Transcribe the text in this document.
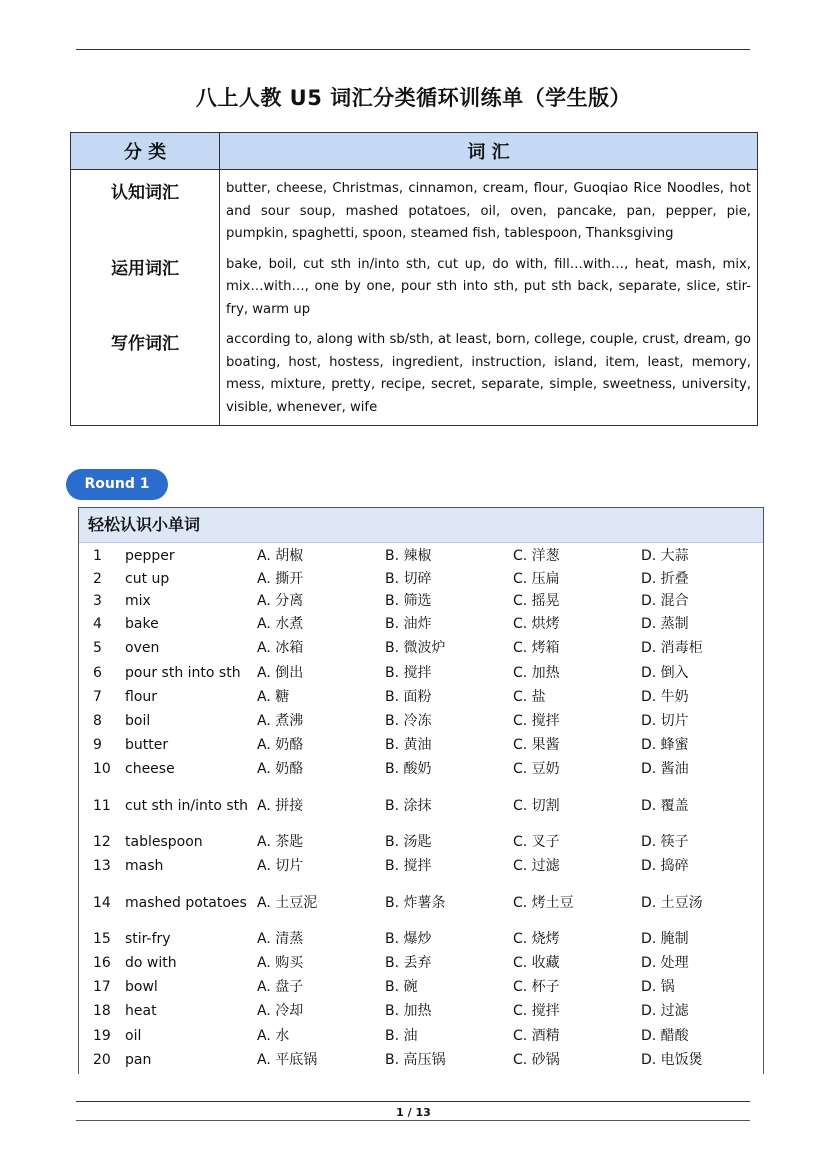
八上人教 U5 词汇分类循环训练单（学生版）
分 类	词 汇
认知词汇	butter, cheese, Christmas, cinnamon, cream, flour, Guoqiao Rice Noodles, hot and sour soup, mashed potatoes, oil, oven, pancake, pan, pepper, pie, pumpkin, spaghetti, spoon, steamed fish, tablespoon, Thanksgiving
运用词汇	bake, boil, cut sth in/into sth, cut up, do with, fill…with…, heat, mash, mix, mix…with…, one by one, pour sth into sth, put sth back, separate, slice, stir-fry, warm up
写作词汇	according to, along with sb/sth, at least, born, college, couple, crust, dream, go boating, host, hostess, ingredient, instruction, island, item, least, memory, mess, mixture, pretty, recipe, secret, separate, simple, sweetness, university, visible, whenever, wife
Round 1
轻松认识小单词
1 pepper	A. 胡椒	B. 辣椒	C. 洋葱	D. 大蒜
2 cut up	A. 撕开	B. 切碎	C. 压扁	D. 折叠
3 mix	A. 分离	B. 筛选	C. 摇晃	D. 混合
4 bake	A. 水煮	B. 油炸	C. 烘烤	D. 蒸制
5 oven	A. 冰箱	B. 微波炉	C. 烤箱	D. 消毒柜
6 pour sth into sth A. 倒出	B. 搅拌	C. 加热	D. 倒入
7 flour	A. 糖	B. 面粉	C. 盐	D. 牛奶
8 boil	A. 煮沸	B. 冷冻	C. 搅拌	D. 切片
9 butter	A. 奶酪	B. 黄油	C. 果酱	D. 蜂蜜
10 cheese	A. 奶酪	B. 酸奶	C. 豆奶	D. 酱油
11 cut sth in/into sth A. 拼接	B. 涂抹	C. 切割	D. 覆盖
12 tablespoon	A. 茶匙	B. 汤匙	C. 叉子	D. 筷子
13 mash	A. 切片	B. 搅拌	C. 过滤	D. 捣碎
14 mashed potatoes A. 土豆泥	B. 炸薯条	C. 烤土豆	D. 土豆汤
15 stir-fry	A. 清蒸	B. 爆炒	C. 烧烤	D. 腌制
16 do with	A. 购买	B. 丢弃	C. 收藏	D. 处理
17 bowl	A. 盘子	B. 碗	C. 杯子	D. 锅
18 heat	A. 冷却	B. 加热	C. 搅拌	D. 过滤
19 oil	A. 水	B. 油	C. 酒精	D. 醋酸
20 pan	A. 平底锅	B. 高压锅	C. 砂锅	D. 电饭煲
1 / 13
